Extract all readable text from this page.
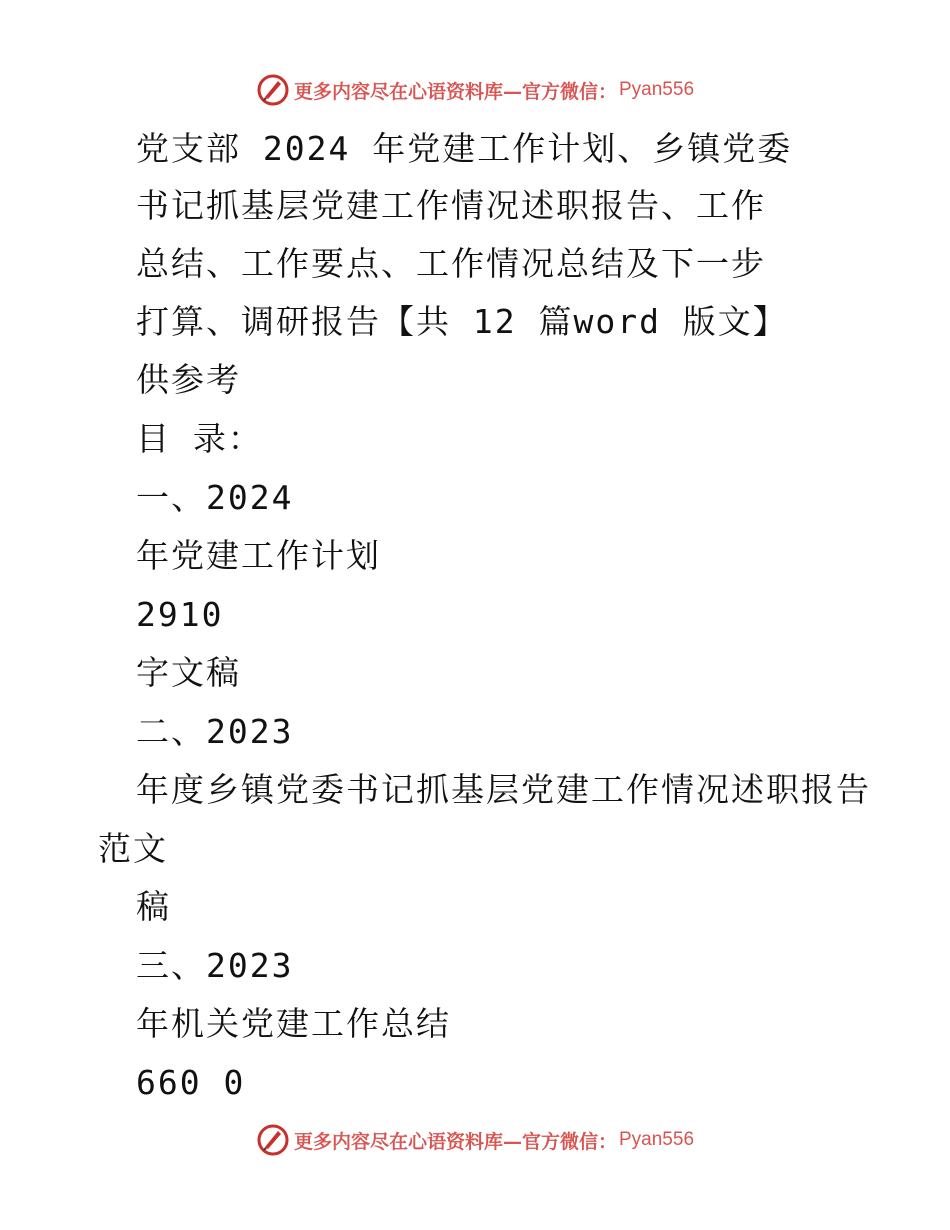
更多内容尽在心语资料库—官方微信： Pyan556
党支部 2024 年党建工作计划、乡镇党委
书记抓基层党建工作情况述职报告、工作
总结、工作要点、工作情况总结及下一步
打算、调研报告【共 12 篇word 版文】
供参考
目 录：
一、2024
年党建工作计划
2910
字文稿
二、2023
年度乡镇党委书记抓基层党建工作情况述职报告
范文
稿
三、2023
年机关党建工作总结
660 0
更多内容尽在心语资料库—官方微信： Pyan556
